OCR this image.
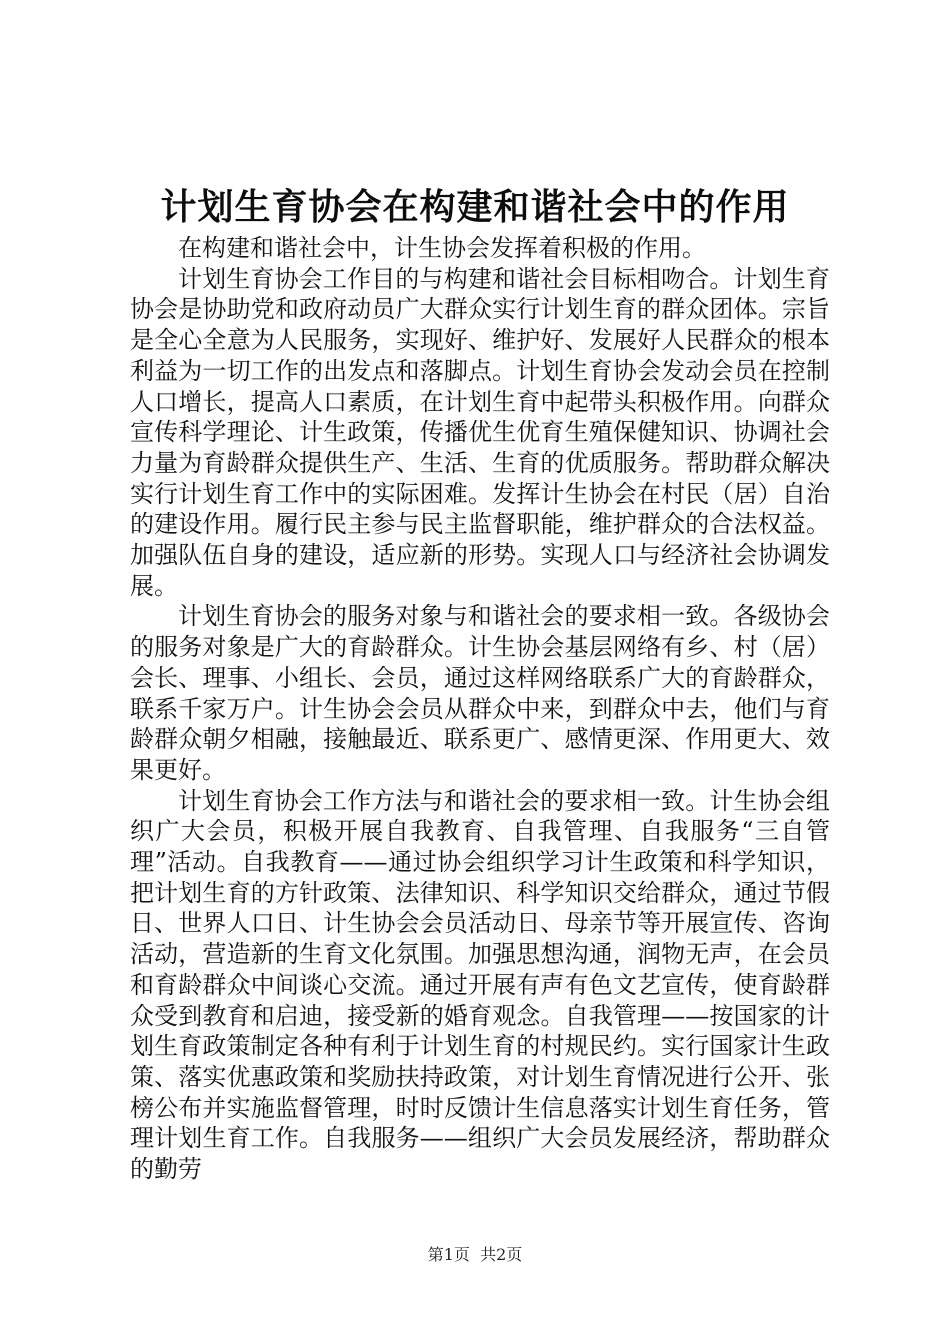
计划生育协会在构建和谐社会中的作用

在构建和谐社会中，计生协会发挥着积极的作用。

计划生育协会工作目的与构建和谐社会目标相吻合。计划生育协会是协助党和政府动员广大群众实行计划生育的群众团体。宗旨是全心全意为人民服务，实现好、维护好、发展好人民群众的根本利益为一切工作的出发点和落脚点。计划生育协会发动会员在控制人口增长，提高人口素质，在计划生育中起带头积极作用。向群众宣传科学理论、计生政策，传播优生优育生殖保健知识、协调社会力量为育龄群众提供生产、生活、生育的优质服务。帮助群众解决实行计划生育工作中的实际困难。发挥计生协会在村民（居）自治的建设作用。履行民主参与民主监督职能，维护群众的合法权益。加强队伍自身的建设，适应新的形势。实现人口与经济社会协调发展。

计划生育协会的服务对象与和谐社会的要求相一致。各级协会的服务对象是广大的育龄群众。计生协会基层网络有乡、村（居）会长、理事、小组长、会员，通过这样网络联系广大的育龄群众，联系千家万户。计生协会会员从群众中来，到群众中去，他们与育龄群众朝夕相融，接触最近、联系更广、感情更深、作用更大、效果更好。

计划生育协会工作方法与和谐社会的要求相一致。计生协会组织广大会员，积极开展自我教育、自我管理、自我服务“三自管理”活动。自我教育——通过协会组织学习计生政策和科学知识，把计划生育的方针政策、法律知识、科学知识交给群众，通过节假日、世界人口日、计生协会会员活动日、母亲节等开展宣传、咨询活动，营造新的生育文化氛围。加强思想沟通，润物无声，在会员和育龄群众中间谈心交流。通过开展有声有色文艺宣传，使育龄群众受到教育和启迪，接受新的婚育观念。自我管理——按国家的计划生育政策制定各种有利于计划生育的村规民约。实行国家计生政策、落实优惠政策和奖励扶持政策，对计划生育情况进行公开、张榜公布并实施监督管理，时时反馈计生信息落实计划生育任务，管理计划生育工作。自我服务——组织广大会员发展经济，帮助群众的勤劳

第1页  共2页
